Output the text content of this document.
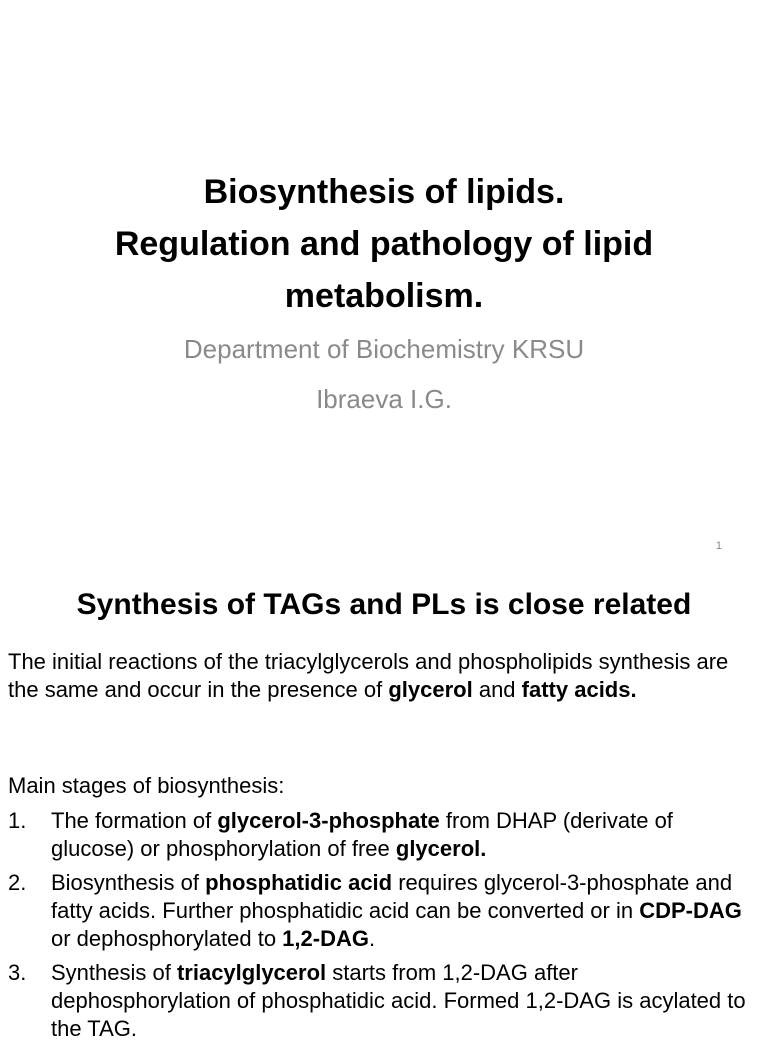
Biosynthesis of lipids.
Regulation and pathology of lipid
metabolism.
Department of Biochemistry KRSU
Ibraeva I.G.
1
Synthesis of TAGs and PLs is close related
The initial reactions of the triacylglycerols and phospholipids synthesis are the same and occur in the presence of glycerol and fatty acids.
Main stages of biosynthesis:
1. The formation of glycerol-3-phosphate from DHAP (derivate of glucose) or phosphorylation of free glycerol.
2. Biosynthesis of phosphatidic acid requires glycerol-3-phosphate and fatty acids. Further phosphatidic acid can be converted or in CDP-DAG or dephosphorylated to 1,2-DAG.
3. Synthesis of triacylglycerol starts from 1,2-DAG after dephosphorylation of phosphatidic acid. Formed 1,2-DAG is acylated to the TAG.
